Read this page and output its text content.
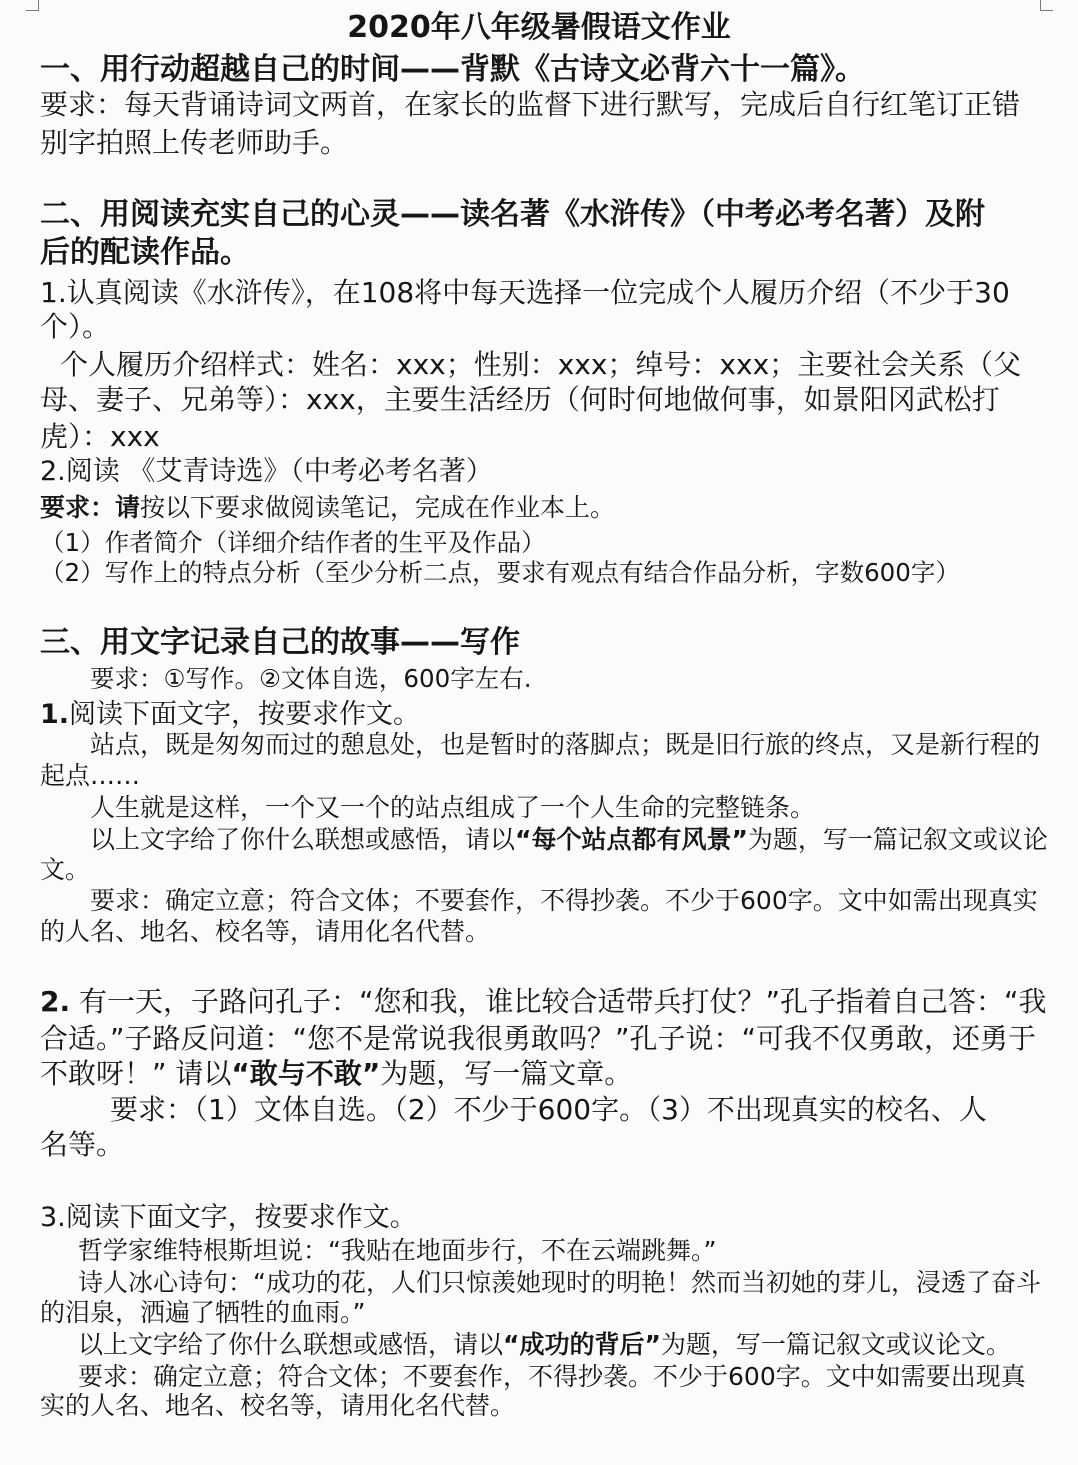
2020年八年级暑假语文作业
一、用行动超越自己的时间——背默《古诗文必背六十一篇》。
要求：每天背诵诗词文两首，在家长的监督下进行默写，完成后自行红笔订正错
别字拍照上传老师助手。
二、用阅读充实自己的心灵——读名著《水浒传》（中考必考名著）及附
后的配读作品。
1.认真阅读《水浒传》，在108将中每天选择一位完成个人履历介绍（不少于30
个）。
个人履历介绍样式：姓名：xxx；性别：xxx；绰号：xxx；主要社会关系（父
母、妻子、兄弟等）：xxx，主要生活经历（何时何地做何事，如景阳冈武松打
虎）：xxx
2.阅读 《艾青诗选》（中考必考名著）
要求：请按以下要求做阅读笔记，完成在作业本上。
（1）作者简介（详细介结作者的生平及作品）
（2）写作上的特点分析（至少分析二点，要求有观点有结合作品分析，字数600字）
三、用文字记录自己的故事——写作
要求：①写作。②文体自选，600字左右.
1.阅读下面文字，按要求作文。
站点，既是匆匆而过的憩息处，也是暂时的落脚点；既是旧行旅的终点，又是新行程的
起点……
人生就是这样，一个又一个的站点组成了一个人生命的完整链条。
以上文字给了你什么联想或感悟，请以“每个站点都有风景”为题，写一篇记叙文或议论
文。
要求：确定立意；符合文体；不要套作，不得抄袭。不少于600字。文中如需出现真实
的人名、地名、校名等，请用化名代替。
2. 有一天，子路问孔子：“您和我，谁比较合适带兵打仗？”孔子指着自己答：“我
合适。”子路反问道：“您不是常说我很勇敢吗？”孔子说：“可我不仅勇敢，还勇于
不敢呀！” 请以“敢与不敢”为题，写一篇文章。
要求：（1）文体自选。（2）不少于600字。（3）不出现真实的校名、人
名等。
3.阅读下面文字，按要求作文。
哲学家维特根斯坦说：“我贴在地面步行，不在云端跳舞。”
诗人冰心诗句：“成功的花，人们只惊羡她现时的明艳！然而当初她的芽儿，浸透了奋斗
的泪泉，洒遍了牺牲的血雨。”
以上文字给了你什么联想或感悟，请以“成功的背后”为题，写一篇记叙文或议论文。
要求：确定立意；符合文体；不要套作，不得抄袭。不少于600字。文中如需要出现真
实的人名、地名、校名等，请用化名代替。
